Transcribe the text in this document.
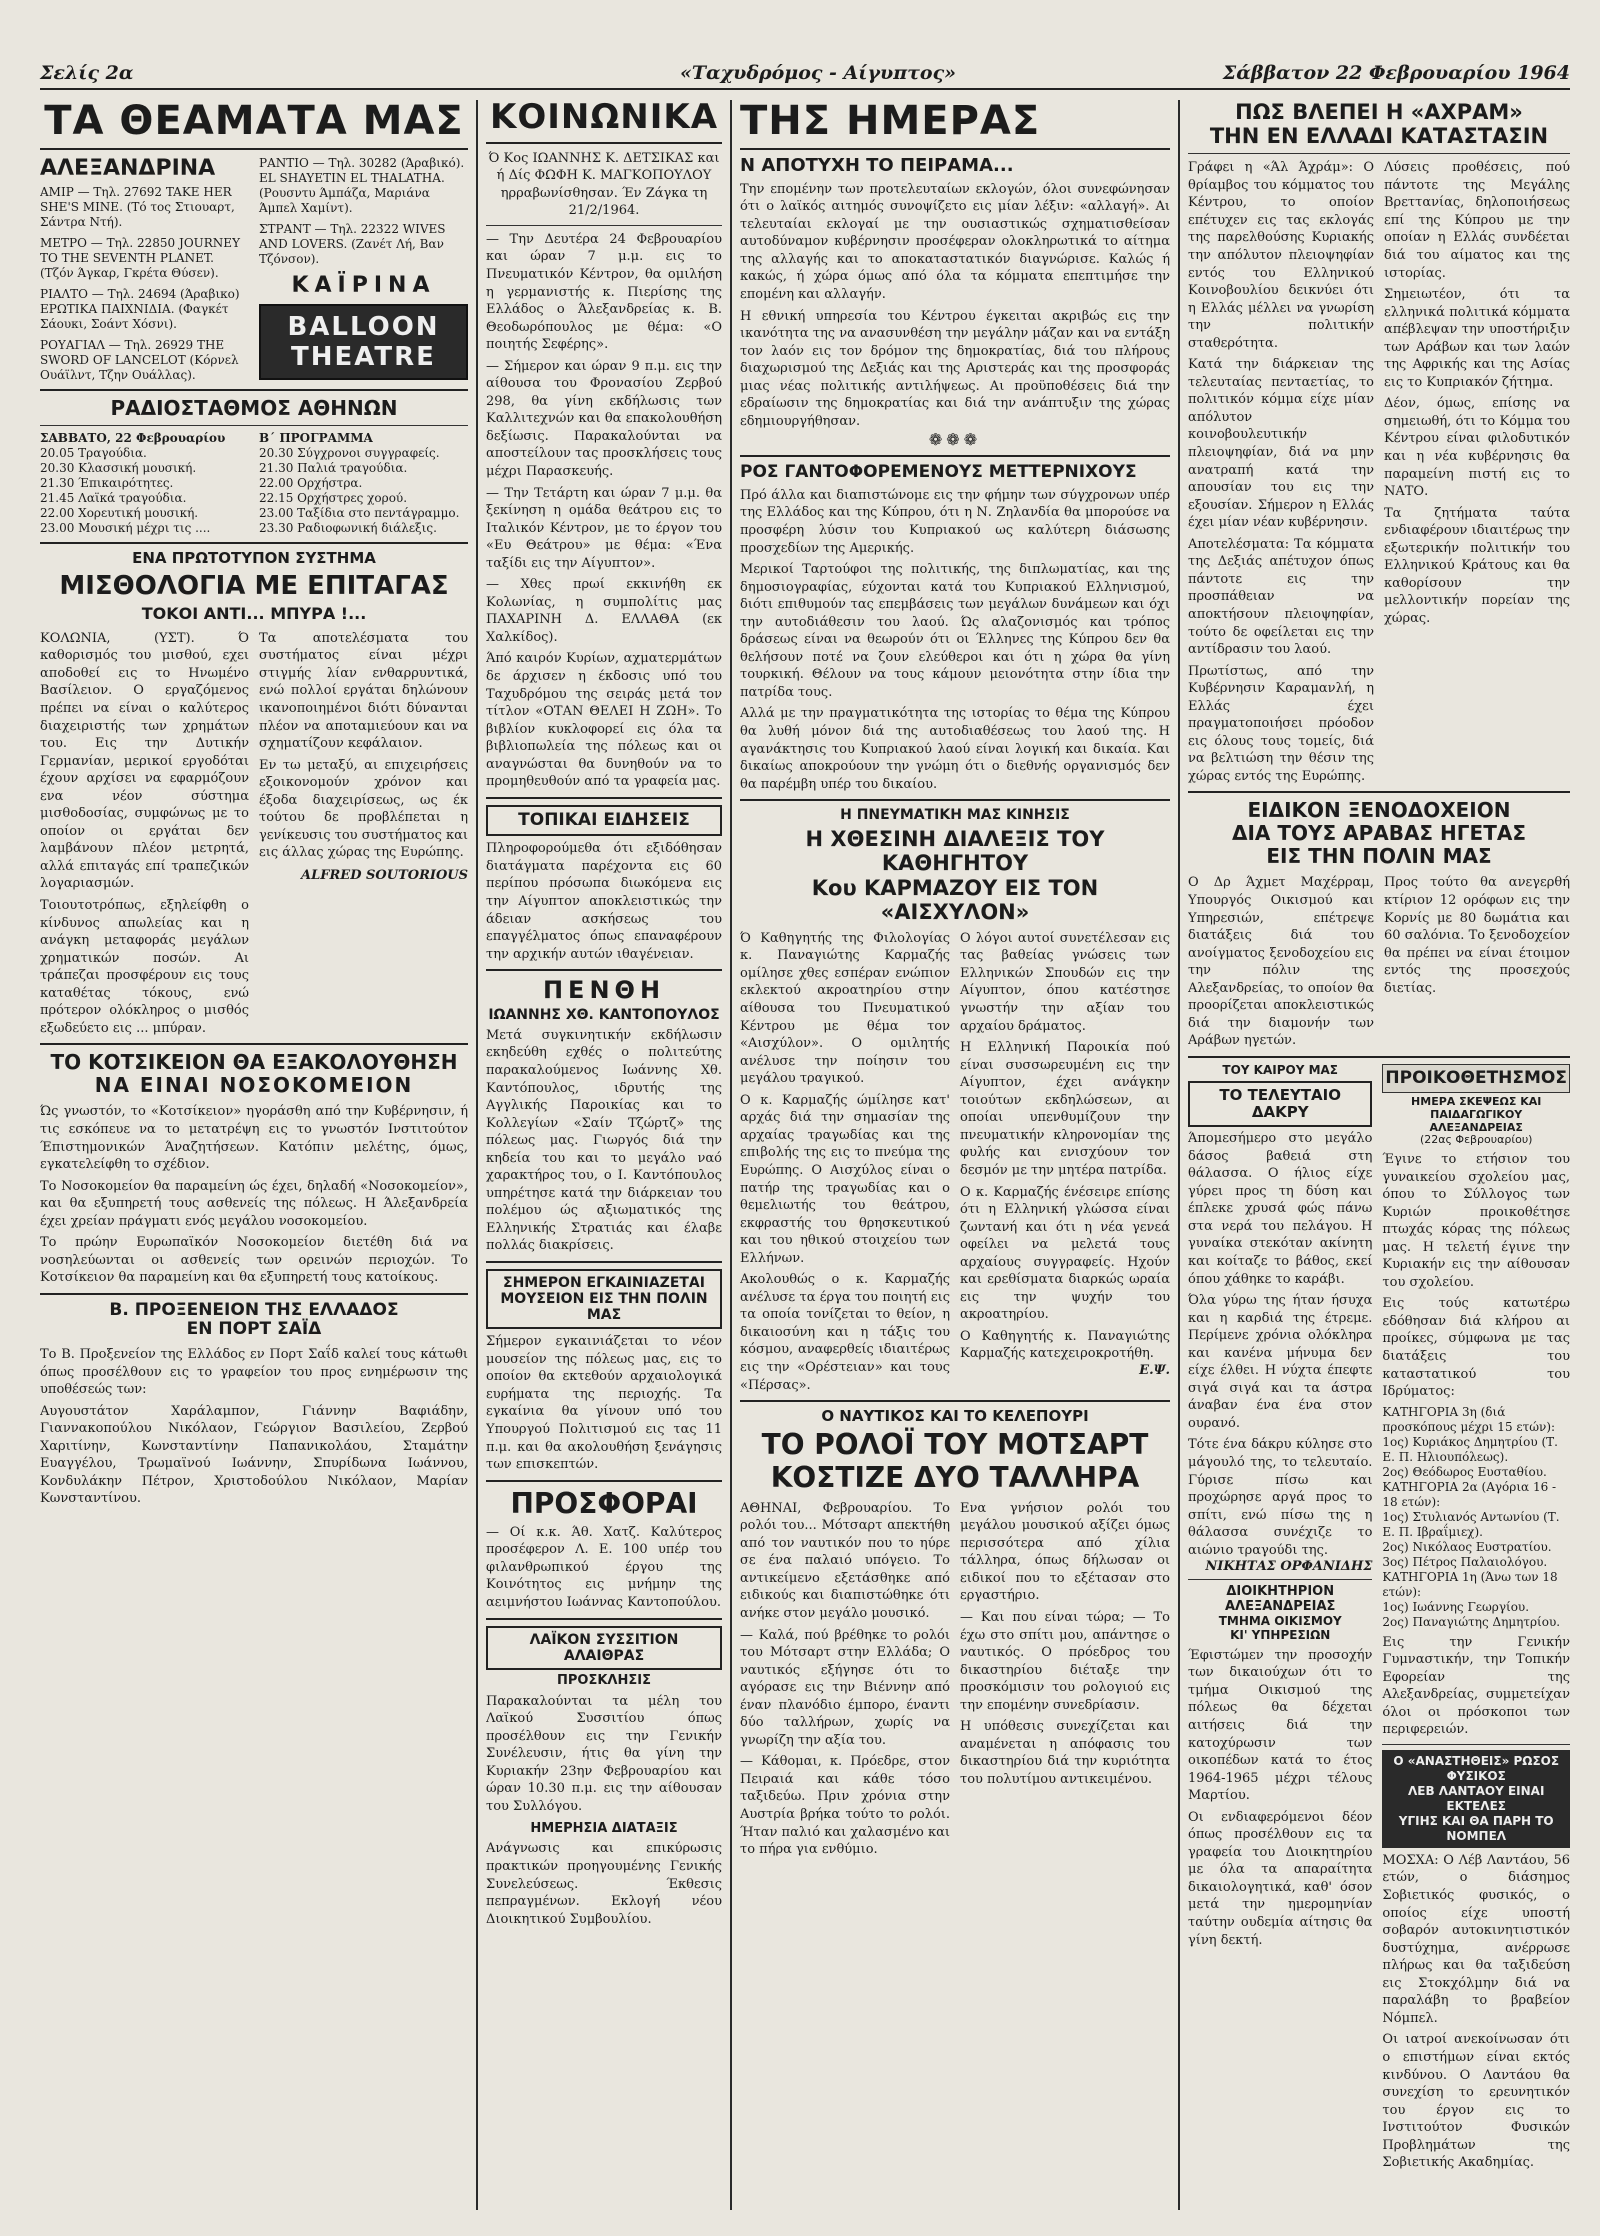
Σελίς 2α	«Ταχυδρόμος - Αίγυπτος»	Σάββατον 22 Φεβρουαρίου 1964
ΤΑ ΘΕΑΜΑΤΑ ΜΑΣ
ΑΛΕΞΑΝΔΡΙΝΑ
ΑΜΙΡ — Τηλ. 27692 TAKE HER SHE'S MINE. (Τό τος Στιουαρτ, Σάντρα Ντή).
ΜΕΤΡΟ — Τηλ. 22850 JOURNEY TO THE SEVENTH PLANET. (Τζόν Άγκαρ, Γκρέτα Θύσεν).
ΡΙΑΛΤΟ — Τηλ. 24694 (Άραβικο) ΕΡΩΤΙΚΑ ΠΑΙΧΝΙΔΙΑ. (Φαγκέτ Σάουκι, Σοάντ Χόσνι).
ΡΟΥΑΓΙΑΛ — Τηλ. 26929 THE SWORD OF LANCELOT (Κόρνελ Ουάϊλντ, Τζην Ουάλλας).
ΡΑΝΤΙΟ — Τηλ. 30282 (Άραβικό). EL SHAYETIN EL THALATHA. (Ρουσντυ Άμπάζα, Μαριάνα Άμπελ Χαμίντ).
ΣΤΡΑΝΤ — Τηλ. 22322 WIVES AND LOVERS. (Ζανέτ Λή, Βαν Τζόνσον).
ΚΑΪΡΙΝΑ
BALLOON
THEATRE
ΡΑΔΙΟΣΤΑΘΜΟΣ ΑΘΗΝΩΝ
ΣΑΒΒΑΤΟ, 22 Φεβρουαρίου
20.05 Τραγούδια.
20.30 Κλασσική μουσική.
21.30 Έπικαιρότητες.
21.45 Λαϊκά τραγούδια.
22.00 Χορευτική μουσική.
23.00 Μουσική μέχρι τις ....
Β΄ ΠΡΟΓΡΑΜΜΑ
20.30 Σύγχρονοι συγγραφείς.
21.30 Παλιά τραγούδια.
22.00 Ορχήστρα.
22.15 Ορχήστρες χορού.
23.00 Ταξίδια στο πεντάγραμμο.
23.30 Ραδιοφωνική διάλεξις.
ΕΝΑ ΠΡΩΤΟΤΥΠΟΝ ΣΥΣΤΗΜΑ
ΜΙΣΘΟΛΟΓΙΑ ΜΕ ΕΠΙΤΑΓΑΣ
ΤΟΚΟΙ ΑΝΤΙ... ΜΠΥΡΑ !...

ΚΟΛΩΝΙΑ, (ΥΣΤ). Ό καθορισμός του μισθού, εχει αποδοθεί εις το Ηνωμένο Βασίλειον. Ο εργαζόμενος πρέπει να είναι ο καλύτερος διαχειριστής των χρημάτων του. Εις την Δυτικήν Γερμανίαν, μερικοί εργοδόται έχουν αρχίσει να εφαρμόζουν ενα νέον σύστημα μισθοδοσίας, συμφώνως με το οποίον οι εργάται δεν λαμβάνουν πλέον μετρητά, αλλά επιταγάς επί τραπεζικών λογαριασμών.

Τοιουτοτρόπως, εξηλείφθη ο κίνδυνος απωλείας και η ανάγκη μεταφοράς μεγάλων χρηματικών ποσών. Αι τράπεζαι προσφέρουν εις τους καταθέτας τόκους, ενώ πρότερον ολόκληρος ο μισθός εξωδεύετο εις ... μπύραν.

Τα αποτελέσματα του συστήματος είναι μέχρι στιγμής λίαν ενθαρρυντικά, ενώ πολλοί εργάται δηλώνουν ικανοποιημένοι διότι δύνανται πλέον να αποταμιεύουν και να σχηματίζουν κεφάλαιον.

Εν τω μεταξύ, αι επιχειρήσεις εξοικονομούν χρόνον και έξοδα διαχειρίσεως, ως έκ τούτου δε προβλέπεται η γενίκευσις του συστήματος και εις άλλας χώρας της Ευρώπης.

ALFRED SOUTORIOUS
ΤΟ ΚΟΤΣΙΚΕΙΟΝ ΘΑ ΕΞΑΚΟΛΟΥΘΗΣΗ
ΝΑ ΕΙΝΑΙ ΝΟΣΟΚΟΜΕΙΟΝ

Ώς γνωστόν, το «Κοτσίκειον» ηγοράσθη από την Κυβέρνησιν, ή τις εσκόπευε να το μετατρέψη εις το γνωστόν Ινστιτούτον Έπιστημονικών Άναζητήσεων. Κατόπιν μελέτης, όμως, εγκατελείφθη το σχέδιον.

Το Νοσοκομείον θα παραμείνη ώς έχει, δηλαδή «Νοσοκομείον», και θα εξυπηρετή τους ασθενείς της πόλεως. Η Άλεξανδρεία έχει χρείαν πράγματι ενός μεγάλου νοσοκομείου.

Το πρώην Ευρωπαϊκόν Νοσοκομείον διετέθη διά να νοσηλεύωνται οι ασθενείς των ορεινών περιοχών. Το Κοτσίκειον θα παραμείνη και θα εξυπηρετή τους κατοίκους.

Β. ΠΡΟΞΕΝΕΙΟΝ ΤΗΣ ΕΛΛΑΔΟΣ
ΕΝ ΠΟΡΤ ΣΑΪΔ

Το Β. Προξενείον της Ελλάδος εν Πορτ Σαΐδ καλεί τους κάτωθι όπως προσέλθουν εις το γραφείον του προς ενημέρωσιν της υποθέσεώς των:

Αυγουστάτον Χαράλαμπον, Γιάννην Βαφιάδην, Γιαννακοπούλου Νικόλαον, Γεώργιον Βασιλείου, Ζερβού Χαριτίνην, Κωνσταντίνην Παπανικολάου, Σταμάτην Ευαγγέλου, Τρωμαϊνού Ιωάννην, Σπυρίδωνα Ιωάννου, Κονδυλάκην Πέτρον, Χριστοδούλου Νικόλαον, Μαρίαν Κωνσταντίνου.

ΚΟΙΝΩΝΙΚΑ

Ό Κος ΙΩΑΝΝΗΣ Κ. ΔΕΤΣΙΚΑΣ και ή Δίς ΦΩΦΗ Κ. ΜΑΓΚΟΠΟΥΛΟΥ ηρραβωνίσθησαν. Έν Ζάγκα τη 21/2/1964.

— Την Δευτέρα 24 Φεβρουαρίου και ώραν 7 μ.μ. εις το Πνευματικόν Κέντρον, θα ομιλήση η γερμανιστής κ. Πιερίσης της Ελλάδος ο Άλεξανδρείας κ. Β. Θεοδωρόπουλος με θέμα: «Ο ποιητής Σεφέρης».

— Σήμερον και ώραν 9 π.μ. εις την αίθουσα του Φρονασίου Ζερβού 298, θα γίνη εκδήλωσις των Καλλιτεχνών και θα επακολουθήση δεξίωσις. Παρακαλούνται να αποστείλουν τας προσκλήσεις τους μέχρι Παρασκευής.

— Την Τετάρτη και ώραν 7 μ.μ. θα ξεκίνηση η ομάδα θεάτρου εις το Ιταλικόν Κέντρον, με το έργον του «Ευ Θεάτρου» με θέμα: «Ένα ταξίδι εις την Αίγυπτον».

— Χθες πρωί εκκινήθη εκ Κολωνίας, η συμπολίτις μας ΠΑΧΑΡΙΝΗ Δ. ΕΛΛΑΘΑ (εκ Χαλκίδος).

Άπό καιρόν Κυρίων, αχματερμάτων δε άρχισεν η έκδοσις υπό του Ταχυδρόμου της σειράς μετά τον τίτλον «ΟΤΑΝ ΘΕΛΕΙ Η ΖΩΗ». Το βιβλίον κυκλοφορεί εις όλα τα βιβλιοπωλεία της πόλεως και οι αναγνώσται θα δυνηθούν να το προμηθευθούν από τα γραφεία μας.

ΤΟΠΙΚΑΙ ΕΙΔΗΣΕΙΣ

Πληροφορούμεθα ότι εξιδόθησαν διατάγματα παρέχοντα εις 60 περίπου πρόσωπα διωκόμενα εις την Αίγυπτον αποκλειστικώς την άδειαν ασκήσεως του επαγγέλματος όπως επαναφέρουν την αρχικήν αυτών ιθαγένειαν.

ΠΕΝΘΗ
ΙΩΑΝΝΗΣ ΧΘ. ΚΑΝΤΟΠΟΥΛΟΣ

Μετά συγκινητικήν εκδήλωσιν εκηδεύθη εχθές ο πολιτεύτης παρακαλούμενος Ιωάννης Χθ. Καντόπουλος, ιδρυτής της Αγγλικής Παροικίας και το Κολλεγίων «Σαίν Τζώρτζ» της πόλεως μας. Γιωργός διά την κηδεία του και το μεγάλο ναό χαρακτήρος του, ο Ι. Καντόπουλος υπηρέτησε κατά την διάρκειαν του πολέμου ώς αξιωματικός της Ελληνικής Στρατιάς και έλαβε πολλάς διακρίσεις.

ΣΗΜΕΡΟΝ ΕΓΚΑΙΝΙΑΖΕΤΑΙ ΜΟΥΣΕΙΟΝ ΕΙΣ ΤΗΝ ΠΟΛΙΝ ΜΑΣ

Σήμερον εγκαινιάζεται το νέον μουσείον της πόλεως μας, εις το οποίον θα εκτεθούν αρχαιολογικά ευρήματα της περιοχής. Τα εγκαίνια θα γίνουν υπό του Υπουργού Πολιτισμού εις τας 11 π.μ. και θα ακολουθήση ξενάγησις των επισκεπτών.

ΠΡΟΣΦΟΡΑΙ

— Οί κ.κ. Άθ. Χατζ. Καλύτερος προσέφερον Λ. Ε. 100 υπέρ του φιλανθρωπικού έργου της Κοινότητος εις μνήμην της αειμνήστου Ιωάννας Καντοπούλου.

ΛΑΪΚΟΝ ΣΥΣΣΙΤΙΟΝ ΑΛΑΙΘΡΑΣ
ΠΡΟΣΚΛΗΣΙΣ

Παρακαλούνται τα μέλη του Λαϊκού Συσσιτίου όπως προσέλθουν εις την Γενικήν Συνέλευσιν, ήτις θα γίνη την Κυριακήν 23ην Φεβρουαρίου και ώραν 10.30 π.μ. εις την αίθουσαν του Συλλόγου.

ΗΜΕΡΗΣΙΑ ΔΙΑΤΑΞΙΣ

Ανάγνωσις και επικύρωσις πρακτικών προηγουμένης Γενικής Συνελεύσεως. Έκθεσις πεπραγμένων. Εκλογή νέου Διοικητικού Συμβουλίου.

ΤΗΣ ΗΜΕΡΑΣ
Ν ΑΠΟΤΥΧΗ ΤΟ ΠΕΙΡΑΜΑ...

Την επομένην των προτελευταίων εκλογών, όλοι συνεφώνησαν ότι ο λαϊκός αιτημός συνοψίζετο εις μίαν λέξιν: «αλλαγή». Αι τελευταίαι εκλογαί με την ουσιαστικώς σχηματισθείσαν αυτοδύναμον κυβέρνησιν προσέφεραν ολοκληρωτικά το αίτημα της αλλαγής και το αποκαταστατικόν διαγνώρισε. Καλώς ή κακώς, ή χώρα όμως από όλα τα κόμματα επεπτιμήσε την επομένη και αλλαγήν.

Η εθνική υπηρεσία του Κέντρου έγκειται ακριβώς εις την ικανότητα της να ανασυνθέση την μεγάλην μάζαν και να εντάξη τον λαόν εις τον δρόμον της δημοκρατίας, διά του πλήρους διαχωρισμού της Δεξιάς και της Αριστεράς και της προσφοράς μιας νέας πολιτικής αντιλήψεως. Αι προϋποθέσεις διά την εδραίωσιν της δημοκρατίας και διά την ανάπτυξιν της χώρας εδημιουργήθησαν.

❁❁❁
ΡΟΣ ΓΑΝΤΟΦΟΡΕΜΕΝΟΥΣ ΜΕΤΤΕΡΝΙΧΟΥΣ

Πρό άλλα και διαπιστώνομε εις την φήμην των σύγχρονων υπέρ της Ελλάδος και της Κύπρου, ότι η Ν. Ζηλανδία θα μπορούσε να προσφέρη λύσιν του Κυπριακού ως καλύτερη διάσωσης προσχεδίων της Αμερικής.

Μερικοί Ταρτούφοι της πολιτικής, της διπλωματίας, και της δημοσιογραφίας, εύχονται κατά του Κυπριακού Ελληνισμού, διότι επιθυμούν τας επεμβάσεις των μεγάλων δυνάμεων και όχι την αυτοδιάθεσιν του λαού. Ώς αλαζονισμός και τρόπος δράσεως είναι να θεωρούν ότι οι Έλληνες της Κύπρου δεν θα θελήσουν ποτέ να ζουν ελεύθεροι και ότι η χώρα θα γίνη τουρκική. Θέλουν να τους κάμουν μειονότητα στην ίδια την πατρίδα τους.

Αλλά με την πραγματικότητα της ιστορίας το θέμα της Κύπρου θα λυθή μόνον διά της αυτοδιαθέσεως του λαού της. Η αγανάκτησις του Κυπριακού λαού είναι λογική και δικαία. Και δικαίως αποκρούουν την γνώμη ότι ο διεθνής οργανισμός δεν θα παρέμβη υπέρ του δικαίου.

Η ΠΝΕΥΜΑΤΙΚΗ ΜΑΣ ΚΙΝΗΣΙΣ
Η ΧΘΕΣΙΝΗ ΔΙΑΛΕΞΙΣ ΤΟΥ ΚΑΘΗΓΗΤΟΥ
Κου ΚΑΡΜΑΖΟΥ ΕΙΣ ΤΟΝ «ΑΙΣΧΥΛΟΝ»

Ό Καθηγητής της Φιλολογίας κ. Παναγιώτης Καρμαζής ομίλησε χθες εσπέραν ενώπιον εκλεκτού ακροατηρίου στην αίθουσα του Πνευματικού Κέντρου με θέμα τον «Αισχύλον». Ο ομιλητής ανέλυσε την ποίησιν του μεγάλου τραγικού.

Ο κ. Καρμαζής ώμίλησε κατ' αρχάς διά την σημασίαν της αρχαίας τραγωδίας και της επιβολής της εις το πνεύμα της Ευρώπης. Ο Αισχύλος είναι ο πατήρ της τραγωδίας και ο θεμελιωτής του θεάτρου, εκφραστής του θρησκευτικού και του ηθικού στοιχείου των Ελλήνων.

Ακολουθώς ο κ. Καρμαζής ανέλυσε τα έργα του ποιητή εις τα οποία τονίζεται το θείον, η δικαιοσύνη και η τάξις του κόσμου, αναφερθείς ιδιαιτέρως εις την «Ορέστειαν» και τους «Πέρσας».

Ο λόγοι αυτοί συνετέλεσαν εις τας βαθείας γνώσεις των Ελληνικών Σπουδών εις την Αίγυπτον, όπου κατέστησε γνωστήν την αξίαν του αρχαίου δράματος.

Η Ελληνική Παροικία πού είναι συσσωρευμένη εις την Αίγυπτον, έχει ανάγκην τοιούτων εκδηλώσεων, αι οποίαι υπενθυμίζουν την πνευματικήν κληρονομίαν της φυλής και ενισχύουν τον δεσμόν με την μητέρα πατρίδα.

Ο κ. Καρμαζής ένέσειρε επίσης ότι η Ελληνική γλώσσα είναι ζωντανή και ότι η νέα γενεά οφείλει να μελετά τους αρχαίους συγγραφείς. Ηχούν και ερεθίσματα διαρκώς ωραία εις την ψυχήν του ακροατηρίου.

Ο Καθηγητής κ. Παναγιώτης Καρμαζής κατεχειροκροτήθη.

Ε.Ψ.
Ο ΝΑΥΤΙΚΟΣ ΚΑΙ ΤΟ ΚΕΛΕΠΟΥΡΙ
ΤΟ ΡΟΛΟΪ ΤΟΥ ΜΟΤΣΑΡΤ
ΚΟΣΤΙΖΕ ΔΥΟ ΤΑΛΛΗΡΑ

ΑΘΗΝΑΙ, Φεβρουαρίου. Το ρολόι του... Μότσαρτ απεκτήθη από τον ναυτικόν που το ηύρε σε ένα παλαιό υπόγειο. Το αντικείμενο εξετάσθηκε από ειδικούς και διαπιστώθηκε ότι ανήκε στον μεγάλο μουσικό.

— Καλά, πού βρέθηκε το ρολόι του Μότσαρτ στην Ελλάδα; Ο ναυτικός εξήγησε ότι το αγόρασε εις την Βιέννην από έναν πλανόδιο έμπορο, έναντι δύο ταλλήρων, χωρίς να γνωρίζη την αξία του.

— Κάθομαι, κ. Πρόεδρε, στον Πειραιά και κάθε τόσο ταξιδεύω. Πριν χρόνια στην Αυστρία βρήκα τούτο το ρολόι. Ήταν παλιό και χαλασμένο και το πήρα για ενθύμιο.

Ενα γνήσιον ρολόι του μεγάλου μουσικού αξίζει όμως περισσότερα από χίλια τάλληρα, όπως δήλωσαν οι ειδικοί που το εξέτασαν στο εργαστήριο.

— Και που είναι τώρα; — Το έχω στο σπίτι μου, απάντησε ο ναυτικός. Ο πρόεδρος του δικαστηρίου διέταξε την προσκόμισιν του ρολογιού εις την επομένην συνεδρίασιν.

Η υπόθεσις συνεχίζεται και αναμένεται η απόφασις του δικαστηρίου διά την κυριότητα του πολυτίμου αντικειμένου.

ΠΩΣ ΒΛΕΠΕΙ Η «ΑΧΡΑΜ»
ΤΗΝ ΕΝ ΕΛΛΑΔΙ ΚΑΤΑΣΤΑΣΙΝ

Γράφει η «Άλ Άχράμ»: Ο θρίαμβος του κόμματος του Κέντρου, το οποίον επέτυχεν εις τας εκλογάς της παρελθούσης Κυριακής την απόλυτον πλειοψηφίαν εντός του Ελληνικού Κοινοβουλίου δεικνύει ότι η Ελλάς μέλλει να γνωρίση την πολιτικήν σταθερότητα.

Κατά την διάρκειαν της τελευταίας πενταετίας, το πολιτικόν κόμμα είχε μίαν απόλυτον κοινοβουλευτικήν πλειοψηφίαν, διά να μην ανατραπή κατά την απουσίαν του εις την εξουσίαν. Σήμερον η Ελλάς έχει μίαν νέαν κυβέρνησιν.

Αποτελέσματα: Τα κόμματα της Δεξιάς απέτυχον όπως πάντοτε εις την προσπάθειαν να αποκτήσουν πλειοψηφίαν, τούτο δε οφείλεται εις την αντίδρασιν του λαού.

Πρωτίστως, από την Κυβέρνησιν Καραμανλή, η Ελλάς έχει πραγματοποιήσει πρόοδον εις όλους τους τομείς, διά να βελτιώση την θέσιν της χώρας εντός της Ευρώπης.

Λύσεις προθέσεις, πού πάντοτε της Μεγάλης Βρεττανίας, δηλοποιήσεως επί της Κύπρου με την οποίαν η Ελλάς συνδέεται διά του αίματος και της ιστορίας.

Σημειωτέον, ότι τα ελληνικά πολιτικά κόμματα απέβλεψαν την υποστήριξιν των Αράβων και των λαών της Αφρικής και της Ασίας εις το Κυπριακόν ζήτημα.

Δέον, όμως, επίσης να σημειωθή, ότι το Κόμμα του Κέντρου είναι φιλοδυτικόν και η νέα κυβέρνησις θα παραμείνη πιστή εις το ΝΑΤΟ.

Τα ζητήματα ταύτα ενδιαφέρουν ιδιαιτέρως την εξωτερικήν πολιτικήν του Ελληνικού Κράτους και θα καθορίσουν την μελλοντικήν πορείαν της χώρας.

ΕΙΔΙΚΟΝ ΞΕΝΟΔΟΧΕΙΟΝ
ΔΙΑ ΤΟΥΣ ΑΡΑΒΑΣ ΗΓΕΤΑΣ
ΕΙΣ ΤΗΝ ΠΟΛΙΝ ΜΑΣ

Ο Δρ Άχμετ Μαχέρραμ, Υπουργός Οικισμού και Υπηρεσιών, επέτρεψε διατάξεις διά του ανοίγματος ξενοδοχείου εις την πόλιν της Αλεξανδρείας, το οποίον θα προορίζεται αποκλειστικώς διά την διαμονήν των Αράβων ηγετών.

Προς τούτο θα ανεγερθή κτίριον 12 ορόφων εις την Κορνίς με 80 δωμάτια και 60 σαλόνια. Το ξενοδοχείον θα πρέπει να είναι έτοιμον εντός της προσεχούς διετίας.

ΤΟΥ ΚΑΙΡΟΥ ΜΑΣ
ΤΟ ΤΕΛΕΥΤΑΙΟ ΔΑΚΡΥ

Άπομεσήμερο στο μεγάλο δάσος βαθειά στη θάλασσα. Ο ήλιος είχε γύρει προς τη δύση και έπλεκε χρυσά φώς πάνω στα νερά του πελάγου. Η γυναίκα στεκόταν ακίνητη και κοίταζε το βάθος, εκεί όπου χάθηκε το καράβι.

Όλα γύρω της ήταν ήσυχα και η καρδιά της έτρεμε. Περίμενε χρόνια ολόκληρα και κανένα μήνυμα δεν είχε έλθει. Η νύχτα έπεφτε σιγά σιγά και τα άστρα άναβαν ένα ένα στον ουρανό.

Τότε ένα δάκρυ κύλησε στο μάγουλό της, το τελευταίο. Γύρισε πίσω και προχώρησε αργά προς το σπίτι, ενώ πίσω της η θάλασσα συνέχιζε το αιώνιο τραγούδι της.

ΝΙΚΗΤΑΣ ΟΡΦΑΝΙΔΗΣ
ΔΙΟΙΚΗΤΗΡΙΟΝ ΑΛΕΞΑΝΔΡΕΙΑΣ
ΤΜΗΜΑ ΟΙΚΙΣΜΟΥ
ΚΙ' ΥΠΗΡΕΣΙΩΝ

Έφιστώμεν την προσοχήν των δικαιούχων ότι το τμήμα Οικισμού της πόλεως θα δέχεται αιτήσεις διά την κατοχύρωσιν των οικοπέδων κατά το έτος 1964-1965 μέχρι τέλους Μαρτίου.

Οι ενδιαφερόμενοι δέον όπως προσέλθουν εις τα γραφεία του Διοικητηρίου με όλα τα απαραίτητα δικαιολογητικά, καθ' όσον μετά την ημερομηνίαν ταύτην ουδεμία αίτησις θα γίνη δεκτή.

ΠΡΟΙΚΟΘΕΤΗΣΜΟΣ
ΗΜΕΡΑ ΣΚΕΨΕΩΣ ΚΑΙ ΠΑΙΔΑΓΩΓΙΚΟΥ ΑΛΕΞΑΝΔΡΕΙΑΣ
(22ας Φεβρουαρίου)

Έγινε το ετήσιον του γυναικείου σχολείου μας, όπου το Σύλλογος των Κυριών προικοθέτησε πτωχάς κόρας της πόλεως μας. Η τελετή έγινε την Κυριακήν εις την αίθουσαν του σχολείου.

Εις τούς κατωτέρω εδόθησαν διά κλήρου αι προίκες, σύμφωνα με τας διατάξεις του καταστατικού του Ιδρύματος:

ΚΑΤΗΓΟΡΙΑ 3η (διά προσκόπους μέχρι 15 ετών):
1ος) Κυριάκος Δημητρίου (Τ. Ε. Π. Ηλιουπόλεως).
2ος) Θεόδωρος Ευσταθίου.
ΚΑΤΗΓΟΡΙΑ 2α (Αγόρια 16 - 18 ετών):
1ος) Στυλιανός Αντωνίου (Τ. Ε. Π. Ιβραΐμιεχ).
2ος) Νικόλαος Ευστρατίου.
3ος) Πέτρος Παλαιολόγου.
ΚΑΤΗΓΟΡΙΑ 1η (Άνω των 18 ετών):
1ος) Ιωάννης Γεωργίου.
2ος) Παναγιώτης Δημητρίου.

Εις την Γενικήν Γυμναστικήν, την Τοπικήν Εφορείαν της Αλεξανδρείας, συμμετείχαν όλοι οι πρόσκοποι των περιφερειών.

Ο «ΑΝΑΣΤΗΘΕΙΣ» ΡΩΣΟΣ ΦΥΣΙΚΟΣ
ΛΕΒ ΛΑΝΤΑΟΥ ΕΙΝΑΙ ΕΚΤΕΛΕΣ
ΥΓΙΗΣ ΚΑΙ ΘΑ ΠΑΡΗ ΤΟ ΝΟΜΠΕΛ

ΜΟΣΧΑ: Ο Λέβ Λαντάου, 56 ετών, ο διάσημος Σοβιετικός φυσικός, ο οποίος είχε υποστή σοβαρόν αυτοκινητιστικόν δυστύχημα, ανέρρωσε πλήρως και θα ταξιδεύση εις Στοκχόλμην διά να παραλάβη το βραβείον Νόμπελ.

Οι ιατροί ανεκοίνωσαν ότι ο επιστήμων είναι εκτός κινδύνου. Ο Λαντάου θα συνεχίση το ερευνητικόν του έργον εις το Ινστιτούτον Φυσικών Προβλημάτων της Σοβιετικής Ακαδημίας.
